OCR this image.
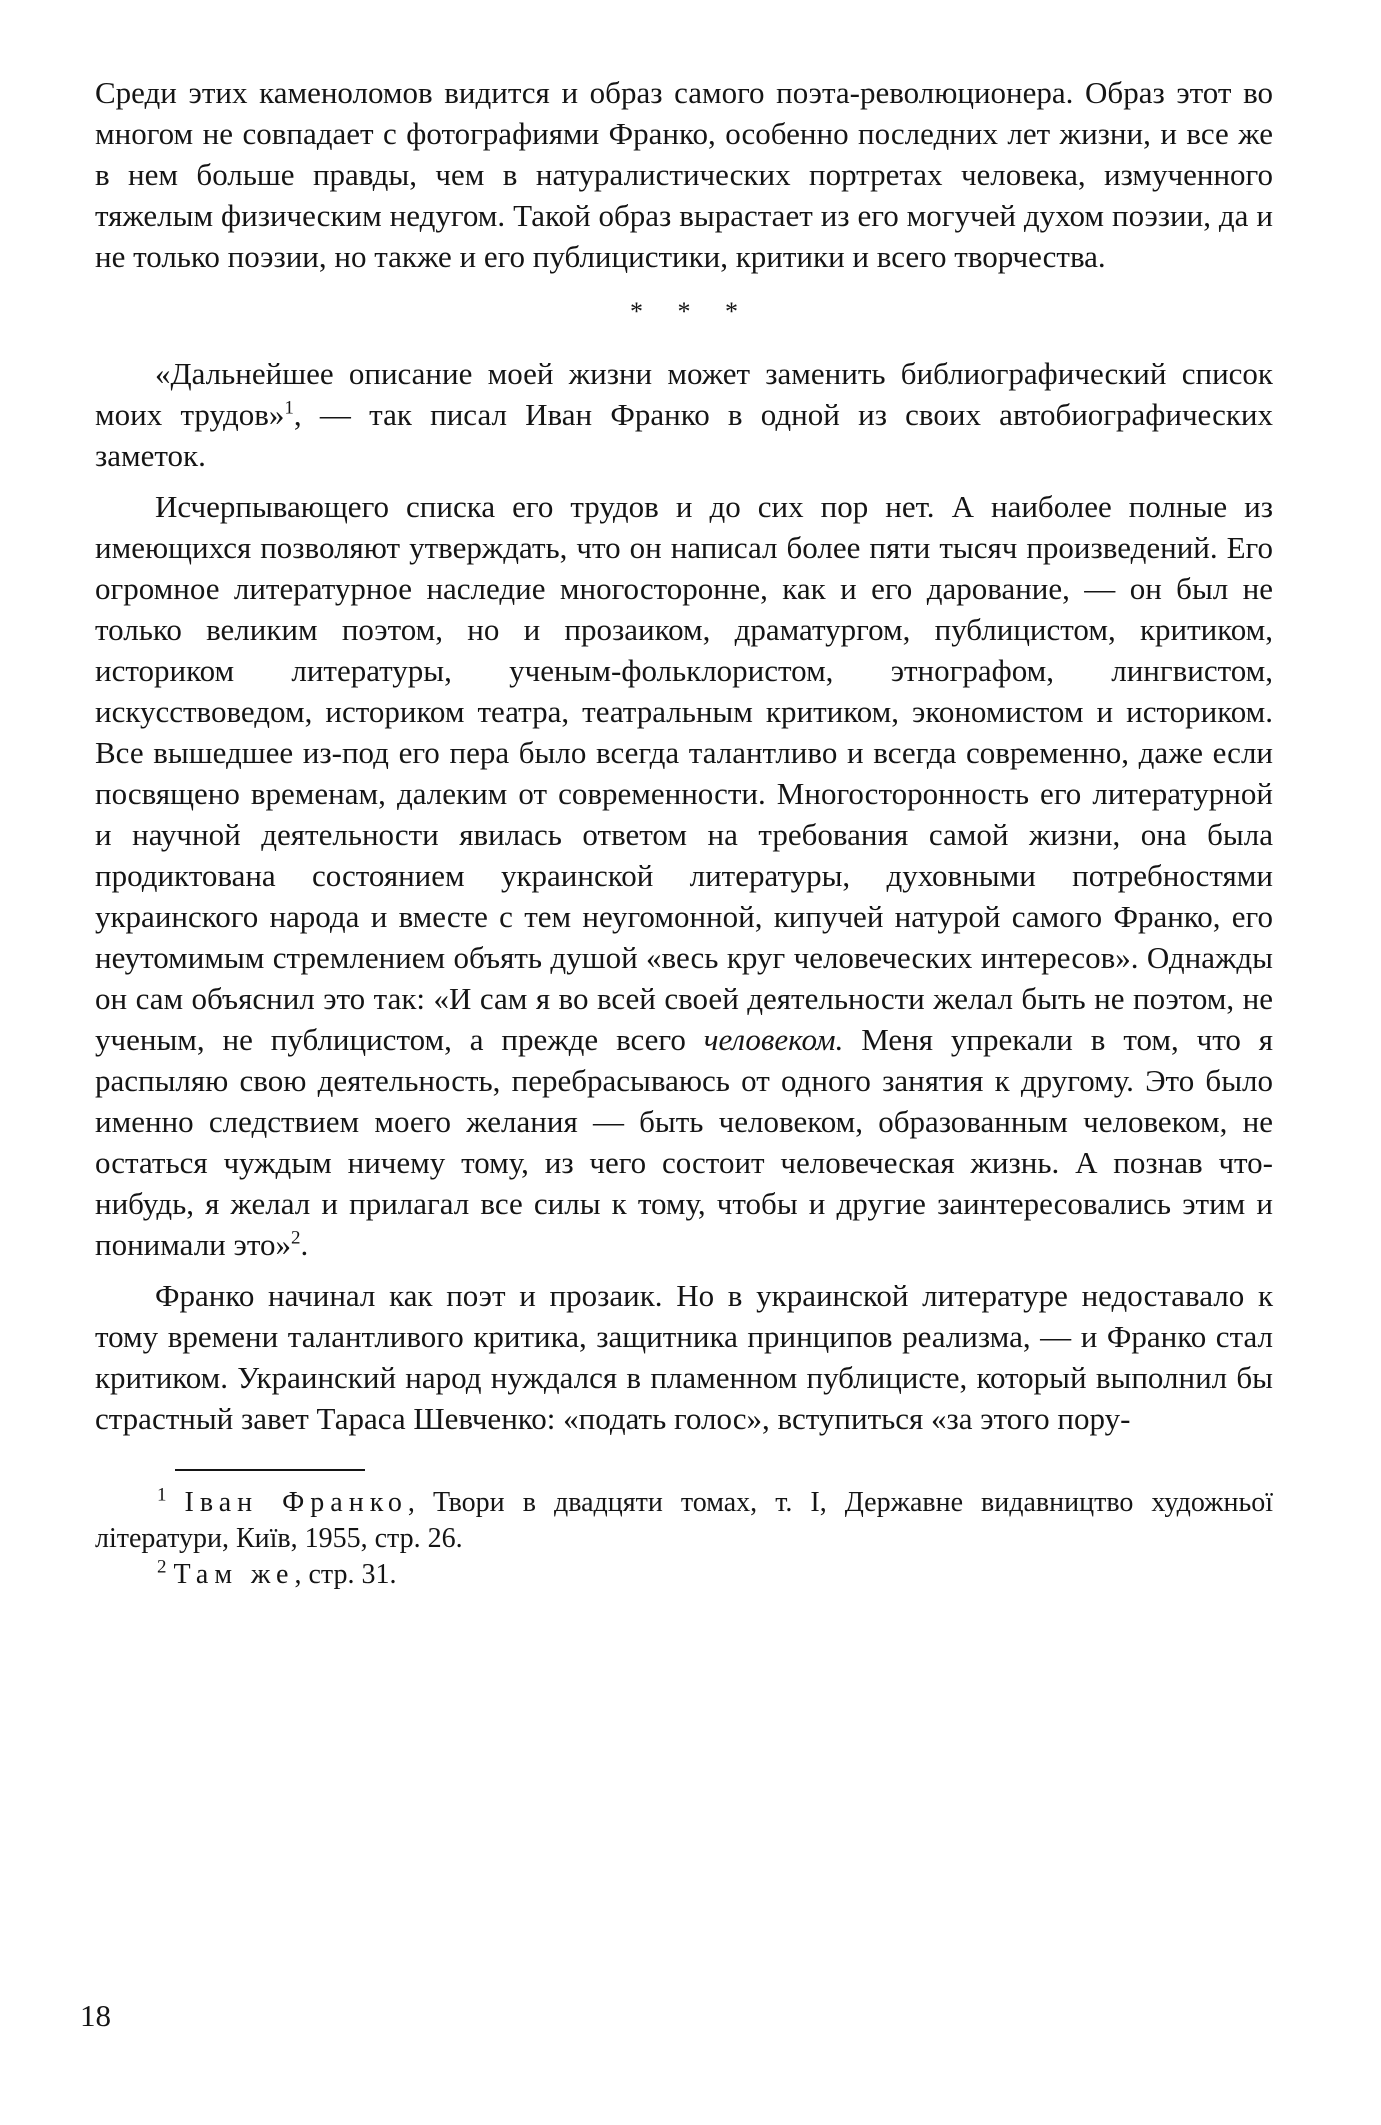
Среди этих каменоломов видится и образ самого поэта-революционера. Образ этот во многом не совпадает с фотографиями Франко, особенно последних лет жизни, и все же в нем больше правды, чем в натуралистических портретах человека, измученного тяжелым физическим недугом. Такой образ вырастает из его могучей духом поэзии, да и не только поэзии, но также и его публицистики, критики и всего творчества.

* * *

«Дальнейшее описание моей жизни может заменить библиографический список моих трудов»$^1$, — так писал Иван Франко в одной из своих автобиографических заметок.

Исчерпывающего списка его трудов и до сих пор нет. А наиболее полные из имеющихся позволяют утверждать, что он написал более пяти тысяч произведений. Его огромное литературное наследие многосторонне, как и его дарование, — он был не только великим поэтом, но и прозаиком, драматургом, публицистом, критиком, историком литературы, ученым-фольклористом, этнографом, лингвистом, искусствоведом, историком театра, театральным критиком, экономистом и историком. Все вышедшее из-под его пера было всегда талантливо и всегда современно, даже если посвящено временам, далеким от современности. Многосторонность его литературной и научной деятельности явилась ответом на требования самой жизни, она была продиктована состоянием украинской литературы, духовными потребностями украинского народа и вместе с тем неугомонной, кипучей натурой самого Франко, его неутомимым стремлением объять душой «весь круг человеческих интересов». Однажды он сам объяснил это так: «И сам я во всей своей деятельности желал быть не поэтом, не ученым, не публицистом, а прежде всего человеком. Меня упрекали в том, что я распыляю свою деятельность, перебрасываюсь от одного занятия к другому. Это было именно следствием моего желания — быть человеком, образованным человеком, не остаться чуждым ничему тому, из чего состоит человеческая жизнь. А познав что-нибудь, я желал и прилагал все силы к тому, чтобы и другие заинтересовались этим и понимали это»$^2$.

Франко начинал как поэт и прозаик. Но в украинской литературе недоставало к тому времени талантливого критика, защитника принципов реализма, — и Франко стал критиком. Украинский народ нуждался в пламенном публицисте, который выполнил бы страстный завет Тараса Шевченко: «подать голос», вступиться «за этого пору-

$^1$ Іван Франко, Твори в двадцяти томах, т. I, Державне видавництво художньої літератури, Київ, 1955, стр. 26.

$^2$ Там же, стр. 31.

18
